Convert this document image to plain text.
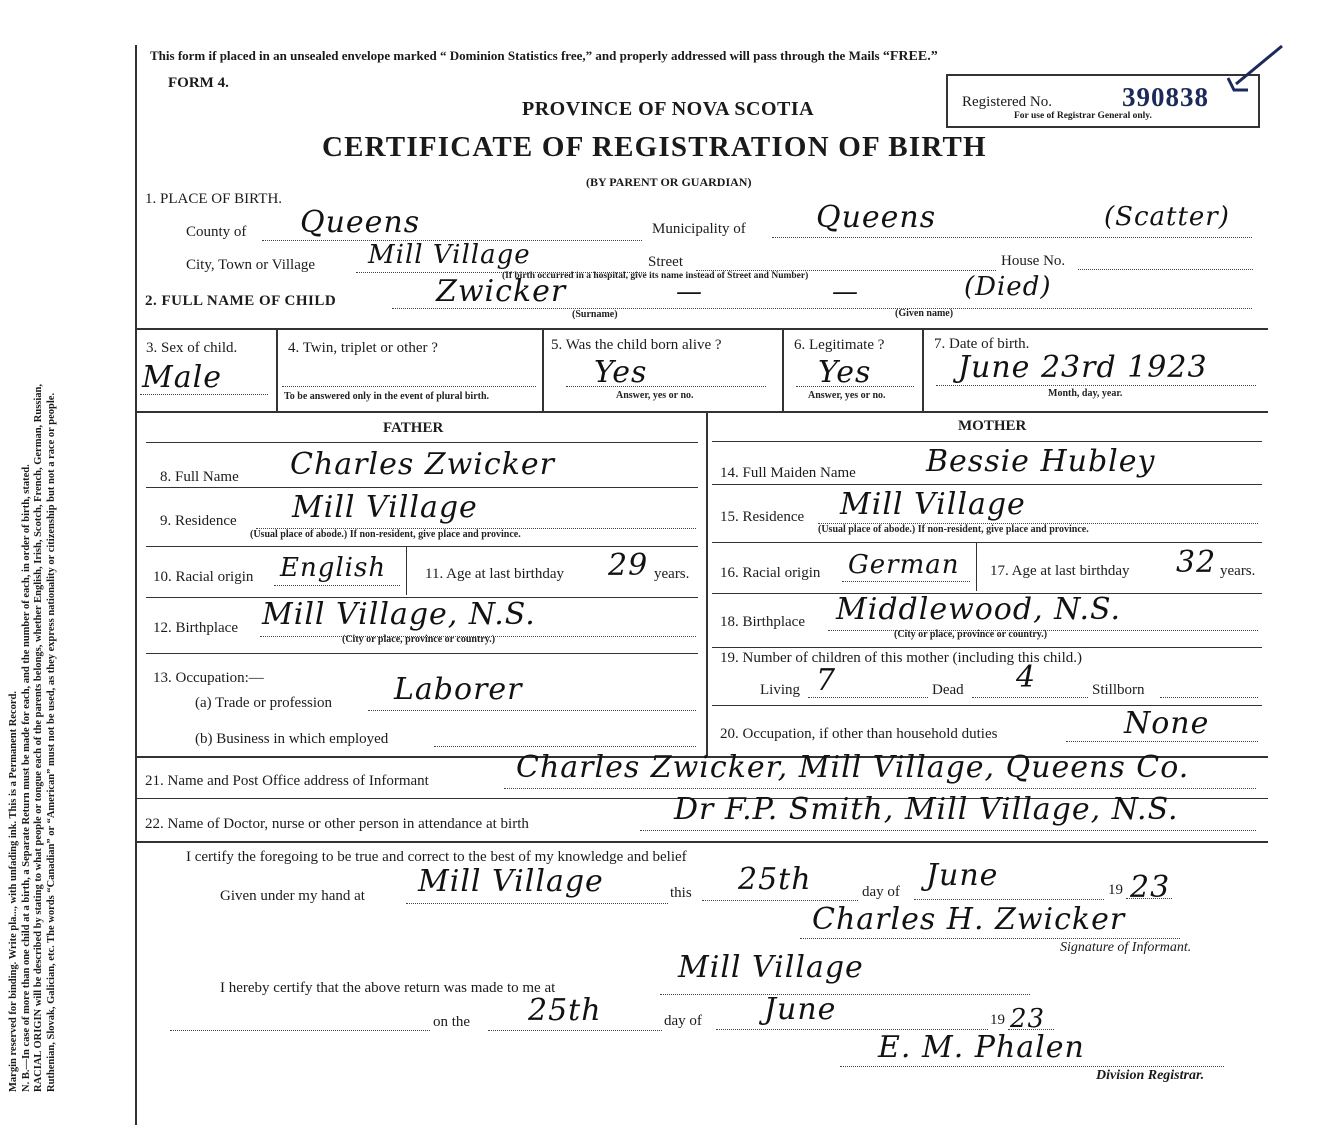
Margin reserved for binding. Write pla..., with unfading ink. This is a Permanent Record. N. B.—In case of more than one child at a birth, a Separate Return must be made for each, and the number of each, in order of birth, stated. RACIAL ORIGIN will be described by stating to what people or tongue each of the parents belongs, whether English, Irish, Scotch, French, German, Russian, Ruthenian, Slovak, Galician, etc. The words “Canadian” or “American” must not be used, as they express nationality or citizenship but not a race or people.
This form if placed in an unsealed envelope marked “ Dominion Statistics free,” and properly addressed will pass through the Mails “FREE.”
FORM 4.
PROVINCE OF NOVA SCOTIA
CERTIFICATE OF REGISTRATION OF BIRTH
(BY PARENT OR GUARDIAN)
Registered No.	390838
For use of Registrar General only.
1. PLACE OF BIRTH.
County of Queens	Municipality of Queens	(Scatter)
City, Town or Village Mill Village	Street	House No.
(If birth occurred in a hospital, give its name instead of Street and Number)
2. FULL NAME OF CHILD	Zwicker	—	—	(Died)
(Surname)	(Given name)
3. Sex of child.
Male
4. Twin, triplet or other ?
To be answered only in the event of plural birth.
5. Was the child born alive ?
Yes
Answer, yes or no.
6. Legitimate ?
Yes
Answer, yes or no.
7. Date of birth.
June 23rd 1923
Month, day, year.
FATHER	MOTHER
8. Full Name Charles Zwicker
9. Residence Mill Village
(Usual place of abode.) If non-resident, give place and province.
10. Racial origin English	11. Age at last birthday 29 years.
12. Birthplace Mill Village, N.S.
(City or place, province or country.)
13. Occupation:—
(a) Trade or profession Laborer
(b) Business in which employed
14. Full Maiden Name Bessie Hubley
15. Residence Mill Village
(Usual place of abode.) If non-resident, give place and province.
16. Racial origin German 17. Age at last birthday 32 years.
18. Birthplace Middlewood, N.S.
(City or place, province or country.)
19. Number of children of this mother (including this child.)
Living 7	Dead 4	Stillborn
20. Occupation, if other than household duties	None
21. Name and Post Office address of Informant	Charles Zwicker, Mill Village, Queens Co.
22. Name of Doctor, nurse or other person in attendance at birth	Dr F.P. Smith, Mill Village, N.S.
I certify the foregoing to be true and correct to the best of my knowledge and belief
Given under my hand at Mill Village	this 25th	day of June	19 23
Charles H. Zwicker
Signature of Informant.
I hereby certify that the above return was made to me at
Mill Village
on the 25th	day of June	19 23
E. M. Phalen
Division Registrar.
